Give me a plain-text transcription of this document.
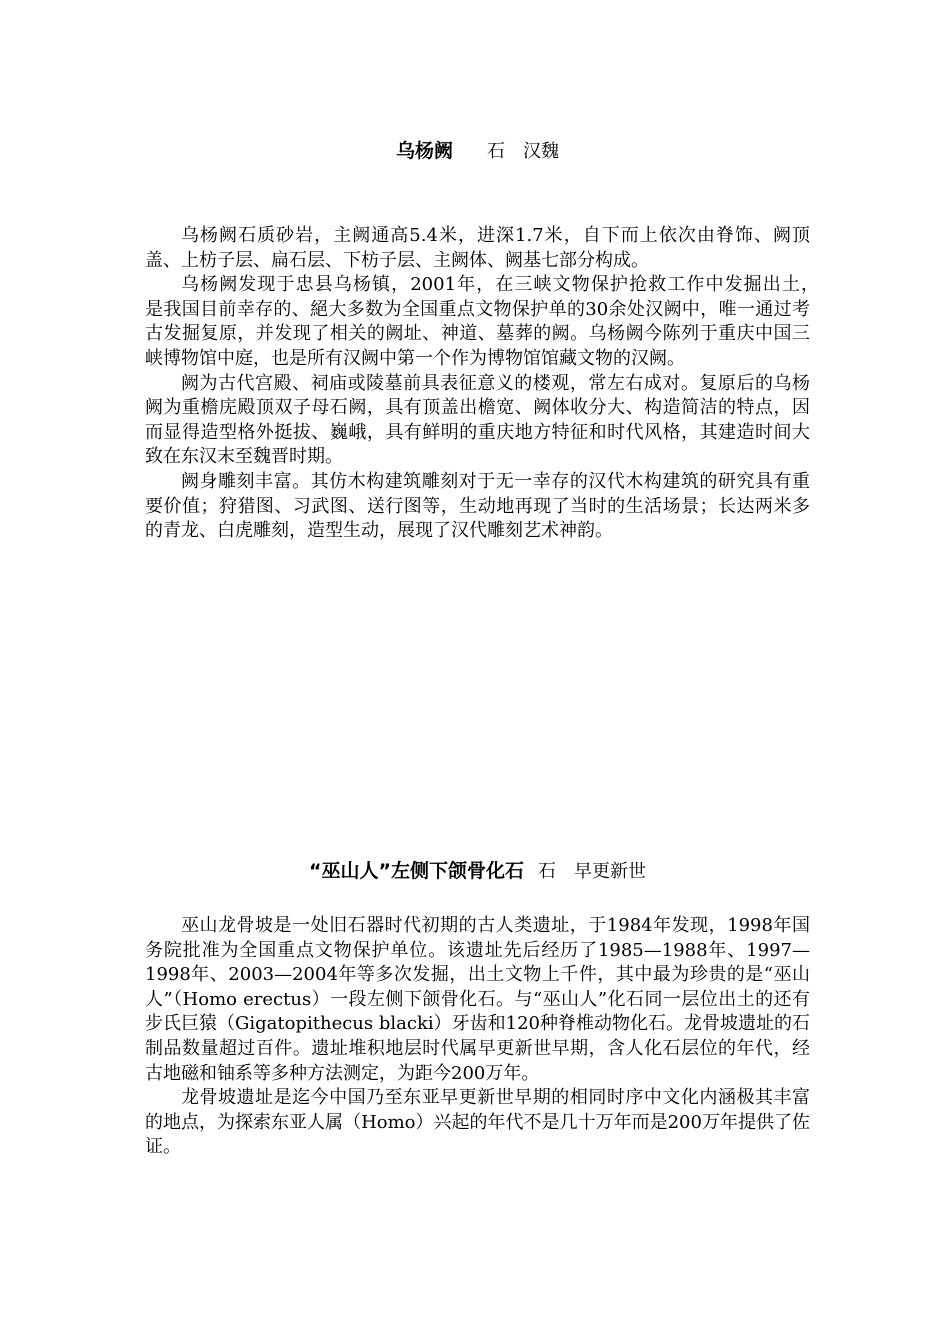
乌杨阙 石　汉魏

乌杨阙石质砂岩，主阙通高5.4米，进深1.7米，自下而上依次由脊饰、阙顶盖、上枋子层、扁石层、下枋子层、主阙体、阙基七部分构成。

乌杨阙发现于忠县乌杨镇，2001年，在三峡文物保护抢救工作中发掘出土，　是我国目前幸存的、絕大多数为全国重点文物保护单的30余处汉阙中，唯一通过考古发掘复原，并发现了相关的阙址、神道、墓葬的阙。乌杨阙今陈列于重庆中国三峡博物馆中庭，也是所有汉阙中第一个作为博物馆馆藏文物的汉阙。

阙为古代宫殿、祠庙或陵墓前具表征意义的楼观，常左右成对。复原后的乌杨阙为重檐庑殿顶双子母石阙，具有顶盖出檐宽、阙体收分大、构造简洁的特点，因而显得造型格外挺拔、巍峨，具有鲜明的重庆地方特征和时代风格，其建造时间大致在东汉末至魏晋时期。

阙身雕刻丰富。其仿木构建筑雕刻对于无一幸存的汉代木构建筑的研究具有重要价值；狩猎图、习武图、送行图等，生动地再现了当时的生活场景；长达两米多的青龙、白虎雕刻，造型生动，展现了汉代雕刻艺术神韵。

“巫山人”左侧下颌骨化石 石　早更新世

巫山龙骨坡是一处旧石器时代初期的古人类遗址，于1984年发现，1998年国务院批准为全国重点文物保护单位。该遗址先后经历了1985—1988年、1997—1998年、2003—2004年等多次发掘，出土文物上千件，其中最为珍贵的是“巫山人”（Homo erectus）一段左侧下颌骨化石。与“巫山人”化石同一层位出土的还有步氏巨猿（Gigatopithecus blacki）牙齿和120种脊椎动物化石。龙骨坡遗址的石制品数量超过百件。遗址堆积地层时代属早更新世早期，含人化石层位的年代，经古地磁和铀系等多种方法测定，为距今200万年。

龙骨坡遗址是迄今中国乃至东亚早更新世早期的相同时序中文化内涵极其丰富的地点，为探索东亚人属（Homo）兴起的年代不是几十万年而是200万年提供了佐证。
